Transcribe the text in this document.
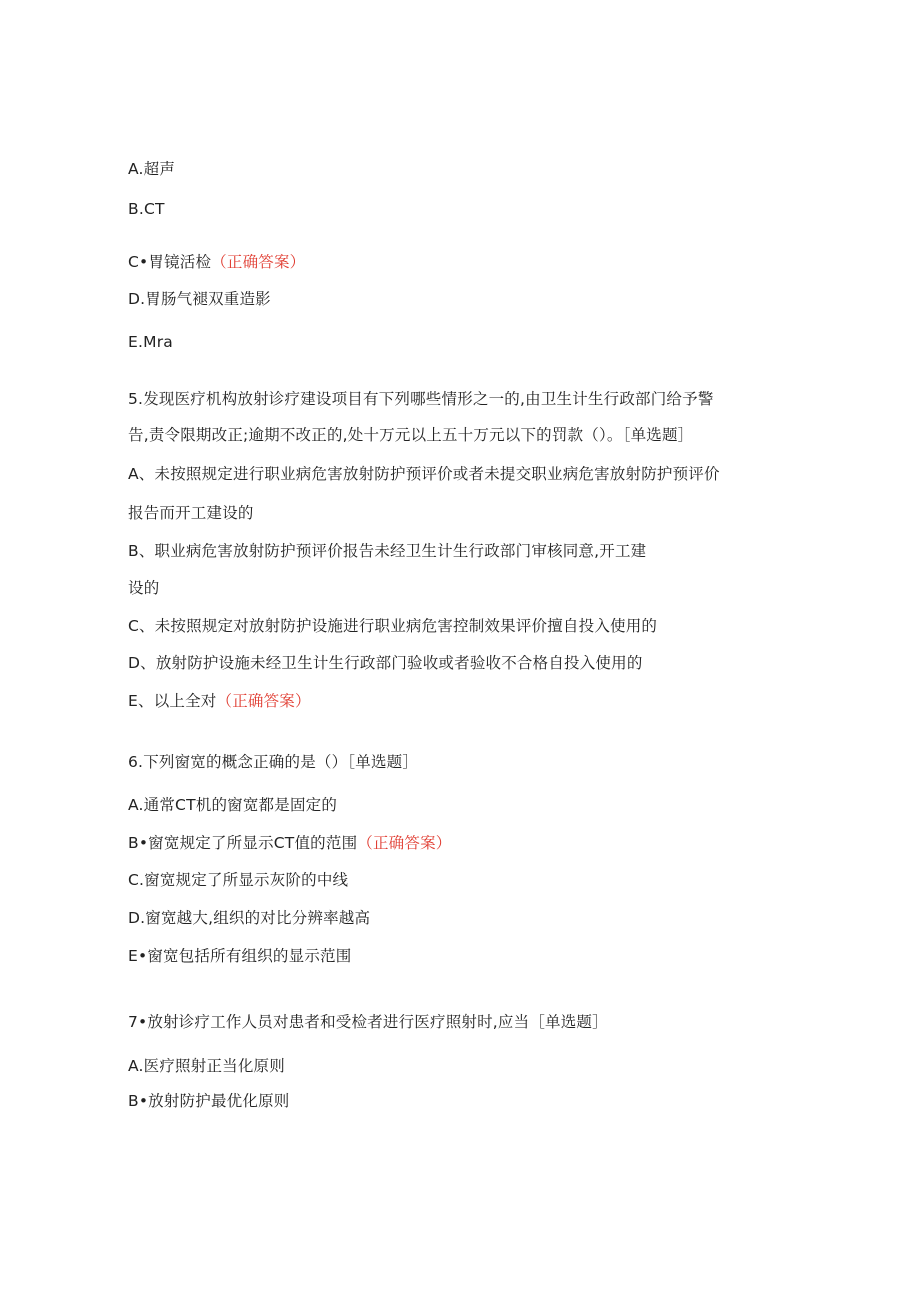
A.超声
B.CT
C•胃镜活检（正确答案）
D.胃肠气褪双重造影
E.Mra
5.发现医疗机构放射诊疗建设项目有下列哪些情形之一的,由卫生计生行政部门给予警
告,责令限期改正;逾期不改正的,处十万元以上五十万元以下的罚款（）。［单选题］
A、未按照规定进行职业病危害放射防护预评价或者未提交职业病危害放射防护预评价
报告而开工建设的
B、职业病危害放射防护预评价报告未经卫生计生行政部门审核同意,开工建
设的
C、未按照规定对放射防护设施进行职业病危害控制效果评价擅自投入使用的
D、放射防护设施未经卫生计生行政部门验收或者验收不合格自投入使用的
E、以上全对（正确答案）
6.下列窗宽的概念正确的是（）［单选题］
A.通常CT机的窗宽都是固定的
B•窗宽规定了所显示CT值的范围（正确答案）
C.窗宽规定了所显示灰阶的中线
D.窗宽越大,组织的对比分辨率越高
E•窗宽包括所有组织的显示范围
7•放射诊疗工作人员对患者和受检者进行医疗照射时,应当［单选题］
A.医疗照射正当化原则
B•放射防护最优化原则
